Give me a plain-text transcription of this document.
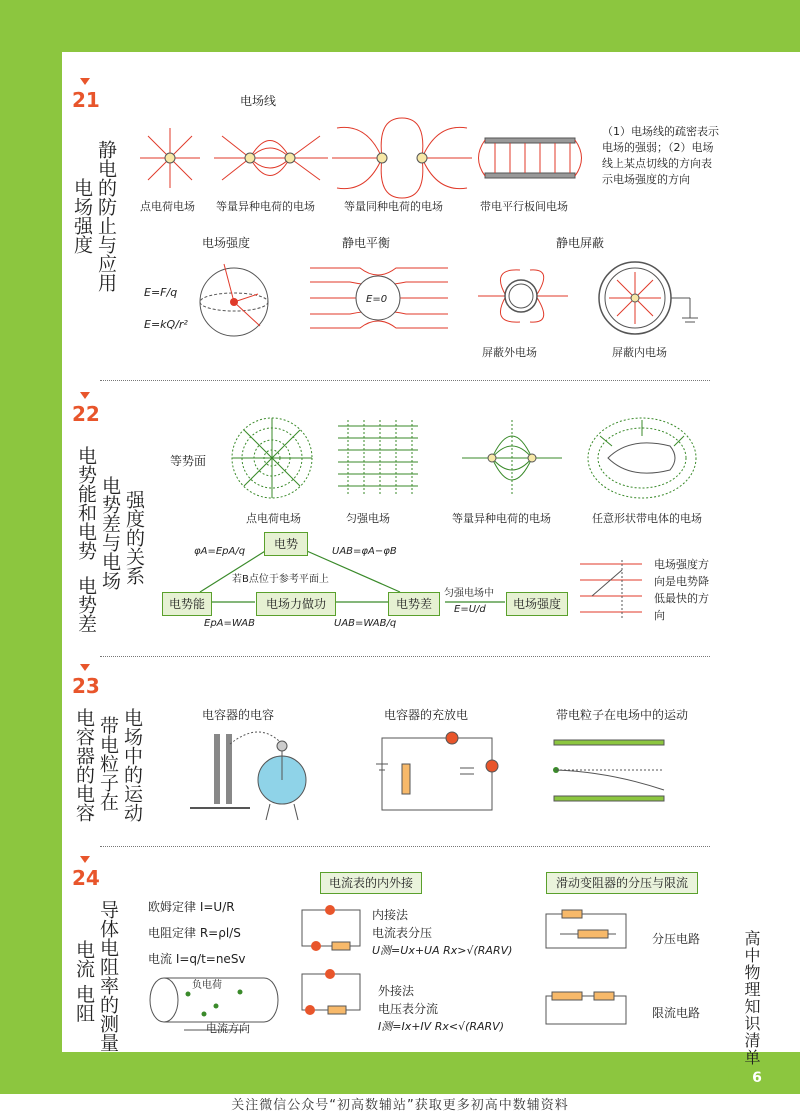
高中物理知识清单
6
关注微信公众号“初高数辅站”获取更多初高中数辅资料
21
静电的防止与应用
电场强度
电场线
点电荷电场 等量异种电荷的电场	等量同种电荷的电场	带电平行板间电场
（1）电场线的疏密表示电场的强弱；（2）电场线上某点切线的方向表示电场强度的方向
电场强度	静电平衡	静电屏蔽
E=F/q
E=kQ/r²
E=0
屏蔽外电场	屏蔽内电场
22
电势能和电势 电势差与电场 强度的关系
电势差
等势面
点电荷电场	匀强电场	等量异种电荷的电场	任意形状带电体的电场
电势
电势能	电场力做功	电势差	电场强度
φA=EpA/q	UAB=φA−φB
若B点位于参考平面上
EpA=WAB	UAB=WAB/q
匀强电场中
E=U/d
电场强度方向是电势降低最快的方向
23
电容器的电容 带电粒子在 电场中的运动	电容器的电容	电容器的充放电	带电粒子在电场中的运动
24
电流 电阻 导体电阻率的测量 欧姆定律 I=U/R
电阻定律 R=ρl/S
电流 I=q/t=neSv
负电荷
电流方向
电流表的内外接
内接法
电流表分压
U测=Ux+UA Rx>√(RARV)
外接法
电压表分流
I测=Ix+IV Rx<√(RARV)
滑动变阻器的分压与限流
分压电路
限流电路
